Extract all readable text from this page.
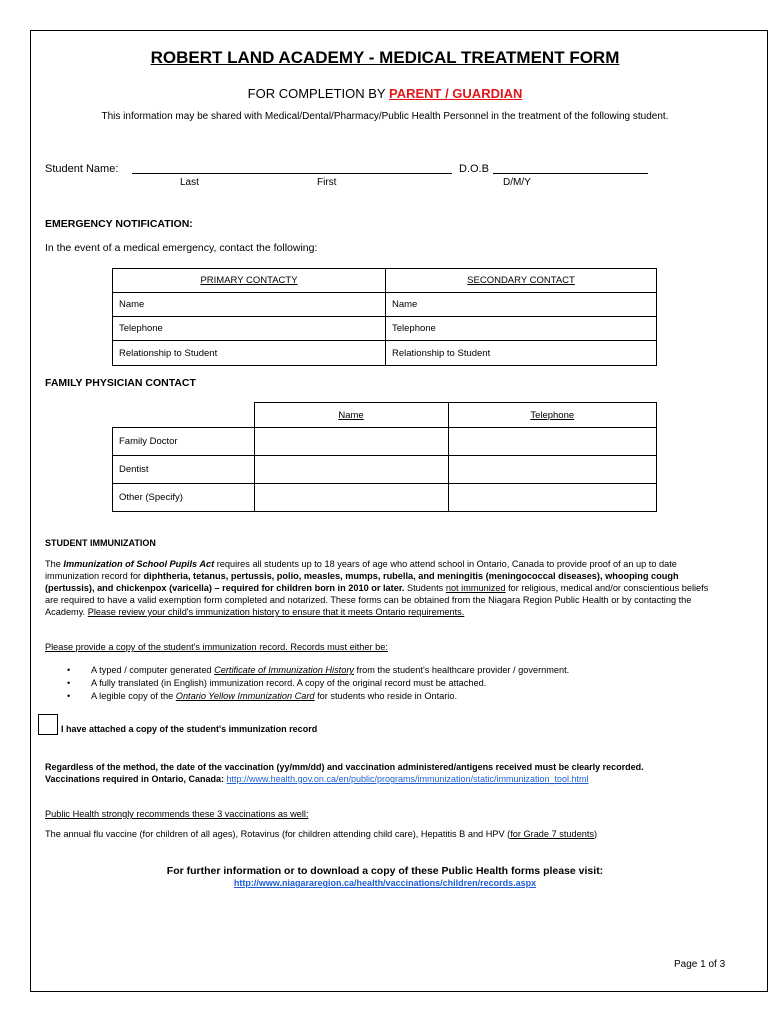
ROBERT LAND ACADEMY - MEDICAL TREATMENT FORM
FOR COMPLETION BY PARENT / GUARDIAN
This information may be shared with Medical/Dental/Pharmacy/Public Health Personnel in the treatment of the following student.
Student Name:
Last	First
D.O.B
D/M/Y
EMERGENCY NOTIFICATION:
In the event of a medical emergency, contact the following:
PRIMARY CONTACTY	SECONDARY CONTACT
Name	Name
Telephone	Telephone
Relationship to Student	Relationship to Student
FAMILY PHYSICIAN CONTACT
	Name	Telephone
Family Doctor		
Dentist		
Other (Specify)		
STUDENT IMMUNIZATION
The Immunization of School Pupils Act requires all students up to 18 years of age who attend school in Ontario, Canada to provide proof of an up to date immunization record for diphtheria, tetanus, pertussis, polio, measles, mumps, rubella, and meningitis (meningococcal diseases), whooping cough (pertussis), and chickenpox (varicella) – required for children born in 2010 or later. Students not immunized for religious, medical and/or conscientious beliefs are required to have a valid exemption form completed and notarized. These forms can be obtained from the Niagara Region Public Health or by contacting the Academy. Please review your child's immunization history to ensure that it meets Ontario requirements.
Please provide a copy of the student's immunization record. Records must either be:
• A typed / computer generated Certificate of Immunization History from the student's healthcare provider / government.
• A fully translated (in English) immunization record. A copy of the original record must be attached.
• A legible copy of the Ontario Yellow Immunization Card for students who reside in Ontario.
I have attached a copy of the student's immunization record
Regardless of the method, the date of the vaccination (yy/mm/dd) and vaccination administered/antigens received must be clearly recorded.
Vaccinations required in Ontario, Canada: http://www.health.gov.on.ca/en/public/programs/immunization/static/immunization_tool.html
Public Health strongly recommends these 3 vaccinations as well:
The annual flu vaccine (for children of all ages), Rotavirus (for children attending child care), Hepatitis B and HPV (for Grade 7 students)
For further information or to download a copy of these Public Health forms please visit:
http://www.niagararegion.ca/health/vaccinations/children/records.aspx
Page 1 of 3
